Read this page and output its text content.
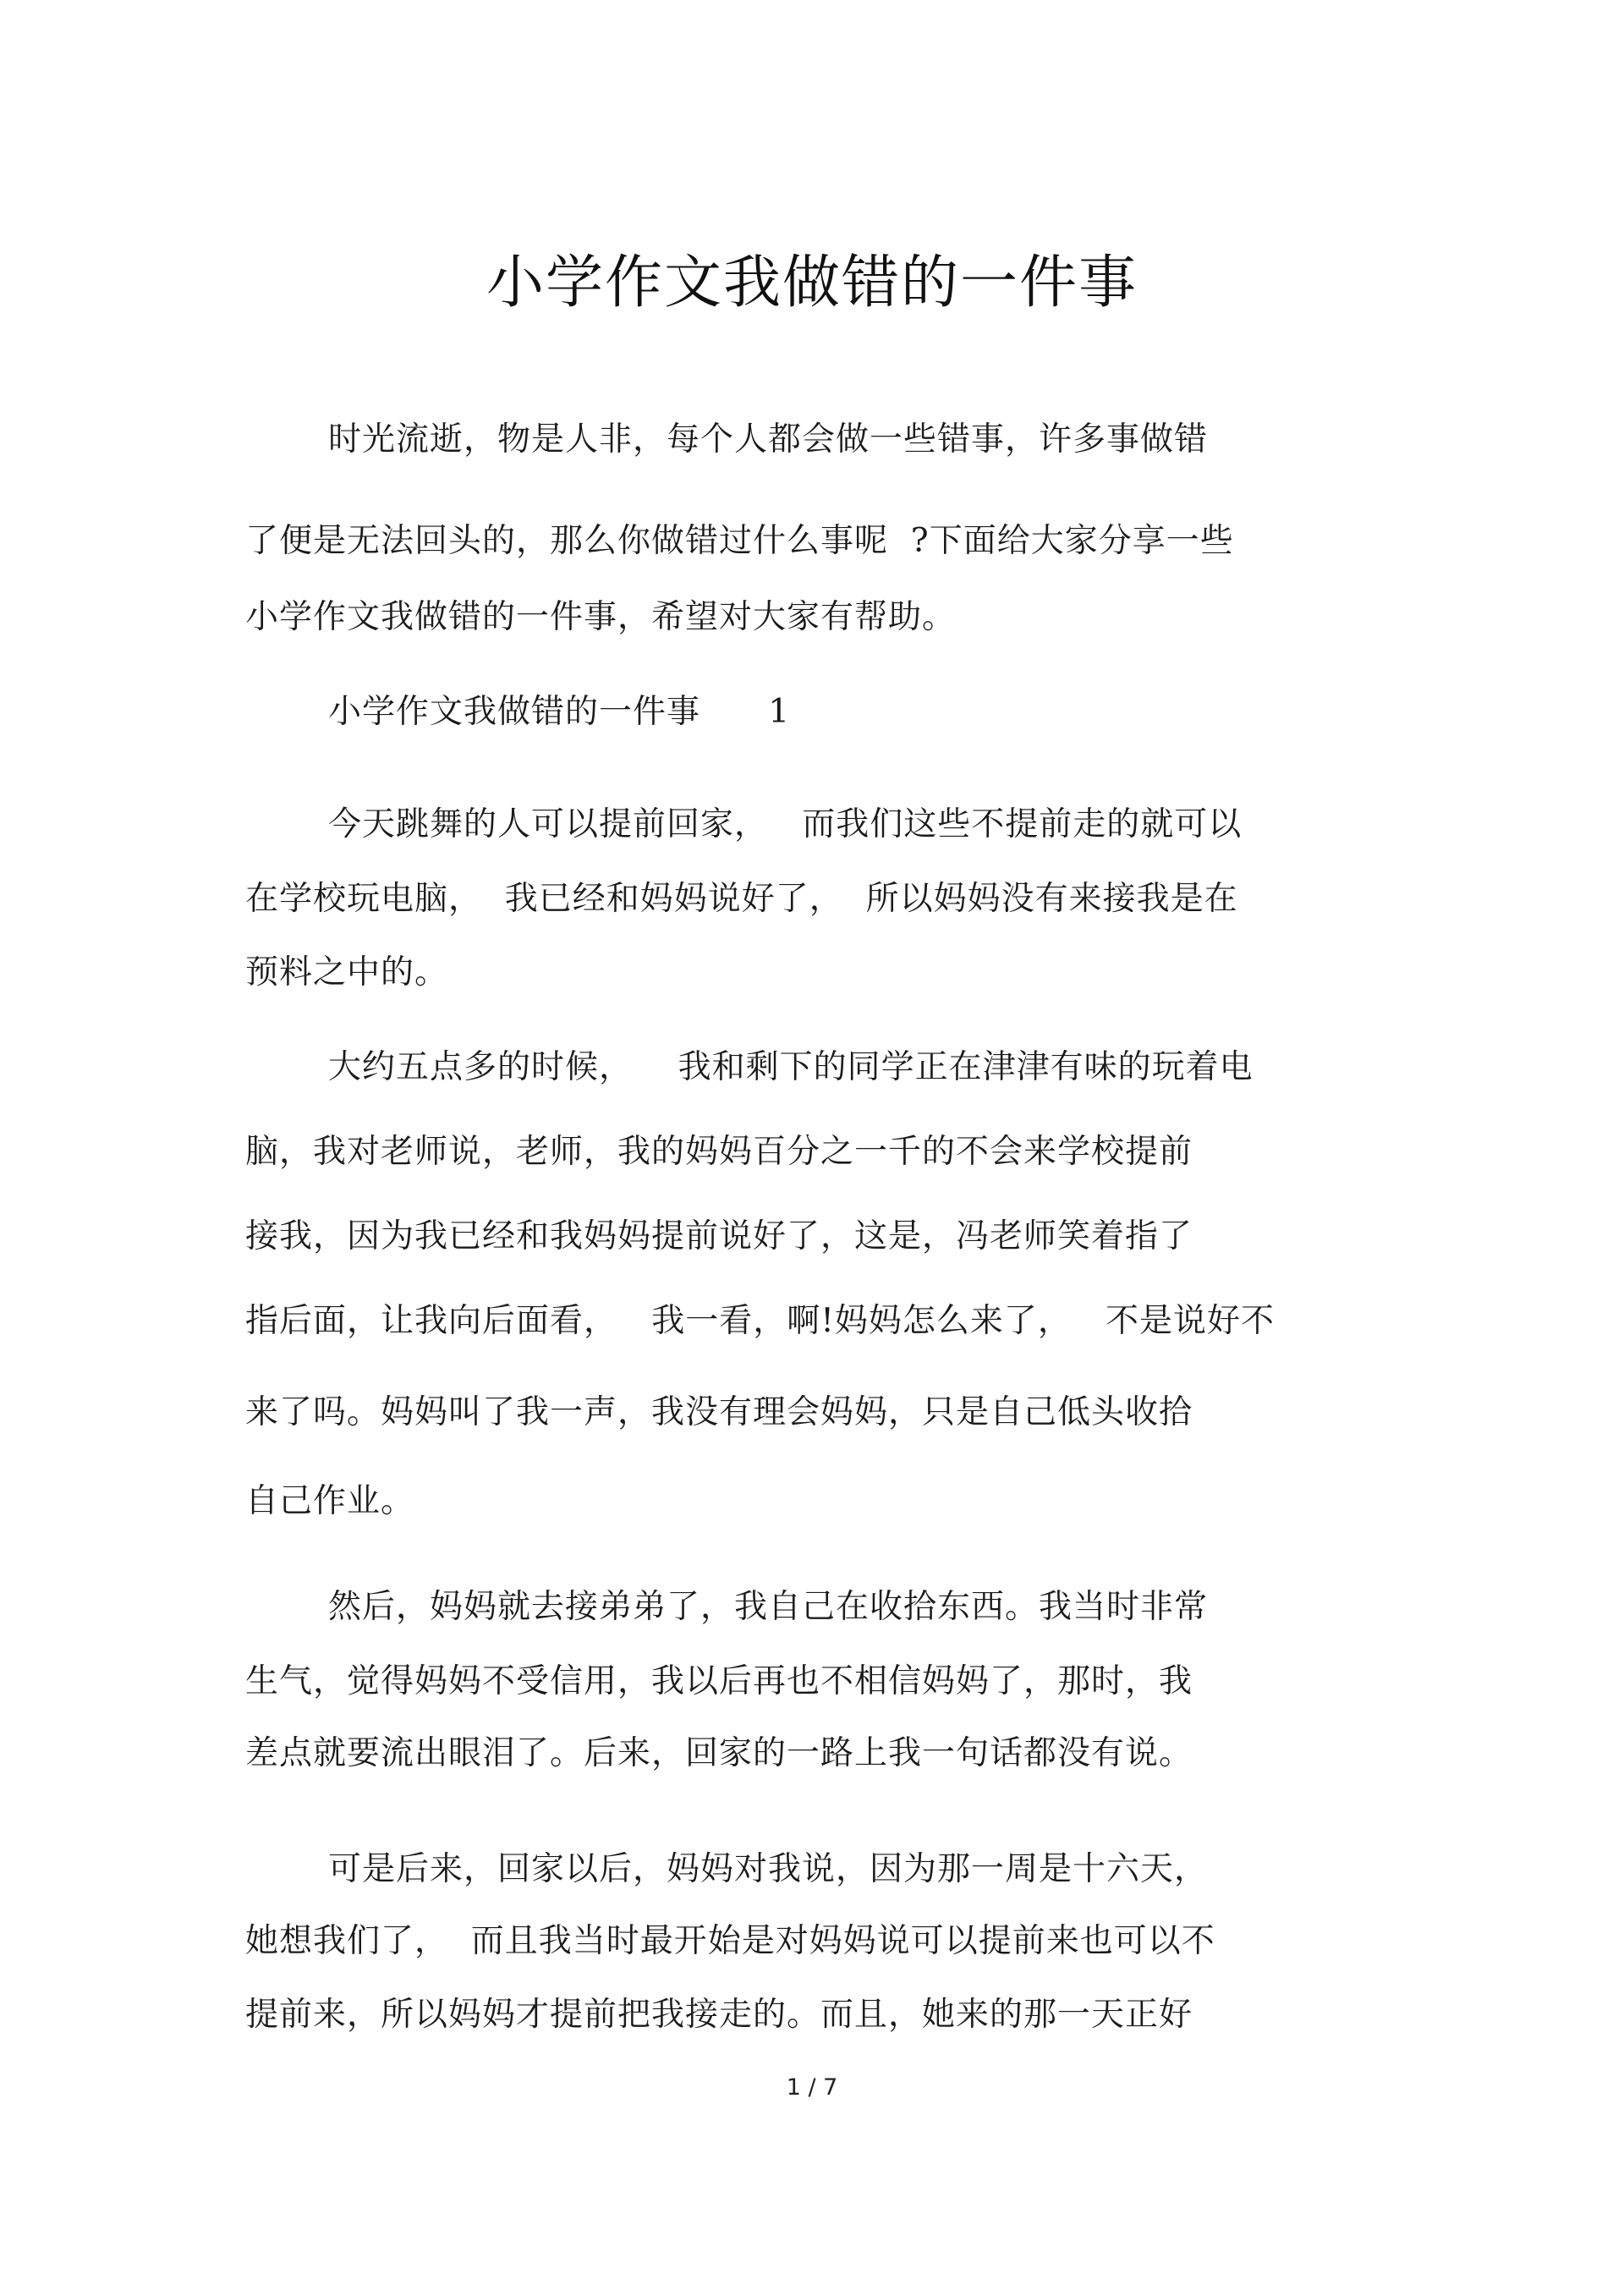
小学作文我做错的一件事
时光流逝，物是人非，每个人都会做一些错事，许多事做错
了便是无法回头的，那么你做错过什么事呢  ?下面给大家分享一些
小学作文我做错的一件事，希望对大家有帮助。
小学作文我做错的一件事      1
今天跳舞的人可以提前回家，   而我们这些不提前走的就可以
在学校玩电脑，  我已经和妈妈说好了，  所以妈妈没有来接我是在
预料之中的。
大约五点多的时候，    我和剩下的同学正在津津有味的玩着电
脑，我对老师说，老师，我的妈妈百分之一千的不会来学校提前
接我，因为我已经和我妈妈提前说好了，这是，冯老师笑着指了
指后面，让我向后面看，   我一看，啊!妈妈怎么来了，   不是说好不
来了吗。妈妈叫了我一声，我没有理会妈妈，只是自己低头收拾
自己作业。
然后，妈妈就去接弟弟了，我自己在收拾东西。我当时非常
生气，觉得妈妈不受信用，我以后再也不相信妈妈了，那时，我
差点就要流出眼泪了。后来，回家的一路上我一句话都没有说。
可是后来，回家以后，妈妈对我说，因为那一周是十六天，
她想我们了，  而且我当时最开始是对妈妈说可以提前来也可以不
提前来，所以妈妈才提前把我接走的。而且，她来的那一天正好
1 / 7
